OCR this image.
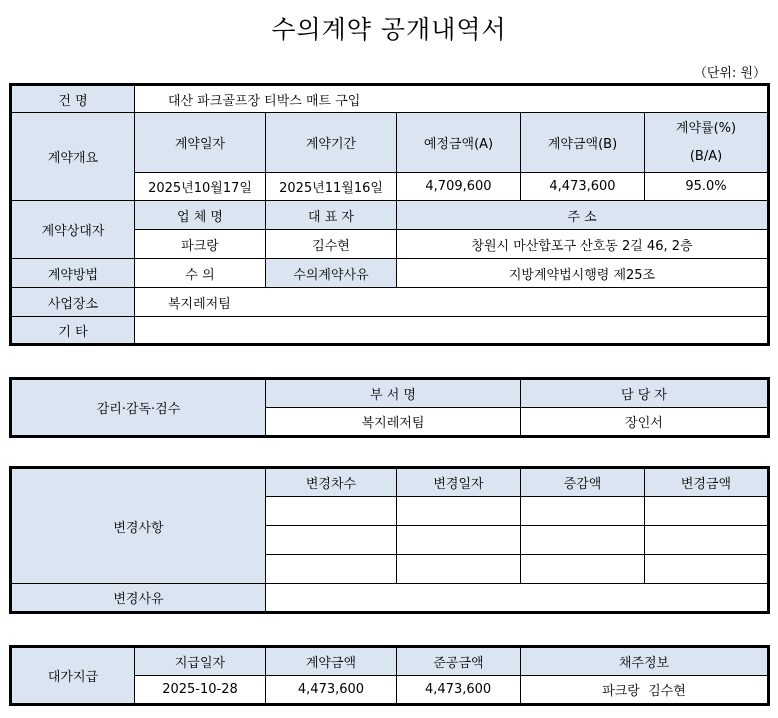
수의계약 공개내역서
（단위: 원）
건 명	대산 파크골프장 티박스 매트 구입				
계약개요	계약일자	계약기간	예정금액(A)	계약금액(B)	계약률(%)
(B/A)

	2025년10월17일	2025년11월16일	4,709,600	4,473,600	95.0%
계약상대자	업 체 명	대 표 자	주 소		
	파크랑	김수현	창원시 마산합포구 산호동 2길 46, 2층		
계약방법	수 의	수의계약사유	지방계약법시행령 제25조		
사업장소	복지레저팀				
기 타					
감리·감독·검수	부 서 명	담 당 자
	복지레저팀	장인서
변경사항	변경차수	변경일자	증감액	변경금액

변경사유				
대가지급	지급일자	계약금액	준공금액	채주정보
	2025-10-28	4,473,600	4,473,600	파크랑  김수현
